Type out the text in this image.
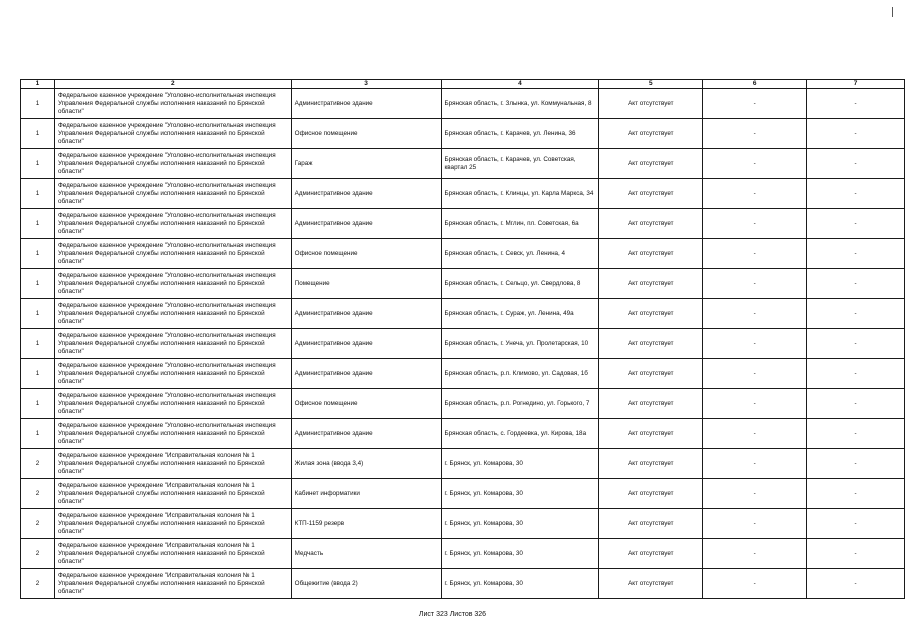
1	2	3	4	5	6	7
1	Федеральное казенное учреждение "Уголовно-исполнительная инспекция Управления Федеральной службы исполнения наказаний по Брянской области"	Административное здание	Брянская область, г. Злынка, ул. Коммунальная, 8	Акт отсутствует	-	-
1	Федеральное казенное учреждение "Уголовно-исполнительная инспекция Управления Федеральной службы исполнения наказаний по Брянской области"	Офисное помещение	Брянская область, г. Карачев, ул. Ленина, 36	Акт отсутствует	-	-
1	Федеральное казенное учреждение "Уголовно-исполнительная инспекция Управления Федеральной службы исполнения наказаний по Брянской области"	Гараж	Брянская область, г. Карачев, ул. Советская, квартал 25	Акт отсутствует	-	-
1	Федеральное казенное учреждение "Уголовно-исполнительная инспекция Управления Федеральной службы исполнения наказаний по Брянской области"	Административное здание	Брянская область, г. Клинцы, ул. Карла Маркса, 34	Акт отсутствует	-	-
1	Федеральное казенное учреждение "Уголовно-исполнительная инспекция Управления Федеральной службы исполнения наказаний по Брянской области"	Административное здание	Брянская область, г. Мглин, пл. Советская, 6а	Акт отсутствует	-	-
1	Федеральное казенное учреждение "Уголовно-исполнительная инспекция Управления Федеральной службы исполнения наказаний по Брянской области"	Офисное помещение	Брянская область, г. Севск, ул. Ленина, 4	Акт отсутствует	-	-
1	Федеральное казенное учреждение "Уголовно-исполнительная инспекция Управления Федеральной службы исполнения наказаний по Брянской области"	Помещение	Брянская область, г. Сельцо, ул. Свердлова, 8	Акт отсутствует	-	-
1	Федеральное казенное учреждение "Уголовно-исполнительная инспекция Управления Федеральной службы исполнения наказаний по Брянской области"	Административное здание	Брянская область, г. Сураж, ул. Ленина, 49а	Акт отсутствует	-	-
1	Федеральное казенное учреждение "Уголовно-исполнительная инспекция Управления Федеральной службы исполнения наказаний по Брянской области"	Административное здание	Брянская область, г. Унеча, ул. Пролетарская, 10	Акт отсутствует	-	-
1	Федеральное казенное учреждение "Уголовно-исполнительная инспекция Управления Федеральной службы исполнения наказаний по Брянской области"	Административное здание	Брянская область, р.п. Климово, ул. Садовая, 1б	Акт отсутствует	-	-
1	Федеральное казенное учреждение "Уголовно-исполнительная инспекция Управления Федеральной службы исполнения наказаний по Брянской области"	Офисное помещение	Брянская область, р.п. Рогнедино, ул. Горького, 7	Акт отсутствует	-	-
1	Федеральное казенное учреждение "Уголовно-исполнительная инспекция Управления Федеральной службы исполнения наказаний по Брянской области"	Административное здание	Брянская область, с. Гордеевка, ул. Кирова, 18а	Акт отсутствует	-	-
2	Федеральное казенное учреждение "Исправительная колония № 1 Управления Федеральной службы исполнения наказаний по Брянской области"	Жилая зона (ввода 3,4)	г. Брянск, ул. Комарова, 30	Акт отсутствует	-	-
2	Федеральное казенное учреждение "Исправительная колония № 1 Управления Федеральной службы исполнения наказаний по Брянской области"	Кабинет информатики	г. Брянск, ул. Комарова, 30	Акт отсутствует	-	-
2	Федеральное казенное учреждение "Исправительная колония № 1 Управления Федеральной службы исполнения наказаний по Брянской области"	КТП-1159 резерв	г. Брянск, ул. Комарова, 30	Акт отсутствует	-	-
2	Федеральное казенное учреждение "Исправительная колония № 1 Управления Федеральной службы исполнения наказаний по Брянской области"	Медчасть	г. Брянск, ул. Комарова, 30	Акт отсутствует	-	-
2	Федеральное казенное учреждение "Исправительная колония № 1 Управления Федеральной службы исполнения наказаний по Брянской области"	Общежитие (ввода 2)	г. Брянск, ул. Комарова, 30	Акт отсутствует	-	-
Лист 323 Листов 326
